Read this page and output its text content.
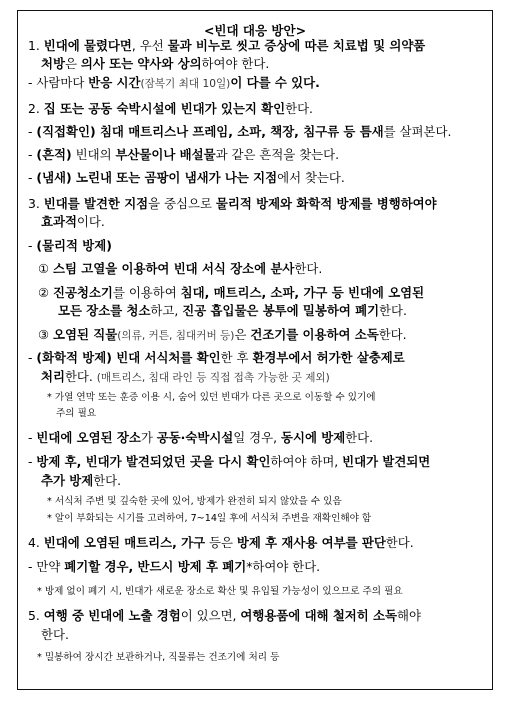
<빈대 대응 방안>
1. 빈대에 물렸다면, 우선 물과 비누로 씻고 증상에 따른 치료법 및 의약품
처방은 의사 또는 약사와 상의하여야 한다.
- 사람마다 반응 시간(잠복기 최대 10일)이 다를 수 있다.
2. 집 또는 공동 숙박시설에 빈대가 있는지 확인한다.
- (직접확인) 침대 매트리스나 프레임, 소파, 책장, 침구류 등 틈새를 살펴본다.
- (흔적) 빈대의 부산물이나 배설물과 같은 흔적을 찾는다.
- (냄새) 노린내 또는 곰팡이 냄새가 나는 지점에서 찾는다.
3. 빈대를 발견한 지점을 중심으로 물리적 방제와 화학적 방제를 병행하여야
효과적이다.
- (물리적 방제)
① 스팀 고열을 이용하여 빈대 서식 장소에 분사한다.
② 진공청소기를 이용하여 침대, 매트리스, 소파, 가구 등 빈대에 오염된
모든 장소를 청소하고, 진공 흡입물은 봉투에 밀봉하여 폐기한다.
③ 오염된 직물(의류, 커튼, 침대커버 등)은 건조기를 이용하여 소독한다.
- (화학적 방제) 빈대 서식처를 확인한 후 환경부에서 허가한 살충제로
처리한다. (매트리스, 침대 라인 등 직접 접촉 가능한 곳 제외)
* 가열 연막 또는 훈증 이용 시, 숨어 있던 빈대가 다른 곳으로 이동할 수 있기에
주의 필요
- 빈대에 오염된 장소가 공동·숙박시설일 경우, 동시에 방제한다.
- 방제 후, 빈대가 발견되었던 곳을 다시 확인하여야 하며, 빈대가 발견되면
추가 방제한다.
* 서식처 주변 및 깊숙한 곳에 있어, 방제가 완전히 되지 않았을 수 있음
* 알이 부화되는 시기를 고려하여, 7~14일 후에 서식처 주변을 재확인해야 함
4. 빈대에 오염된 매트리스, 가구 등은 방제 후 재사용 여부를 판단한다.
- 만약 폐기할 경우, 반드시 방제 후 폐기*하여야 한다.
* 방제 없이 폐기 시, 빈대가 새로운 장소로 확산 및 유입될 가능성이 있으므로 주의 필요
5. 여행 중 빈대에 노출 경험이 있으면, 여행용품에 대해 철저히 소독해야
한다.
* 밀봉하여 장시간 보관하거나, 직물류는 건조기에 처리 등
